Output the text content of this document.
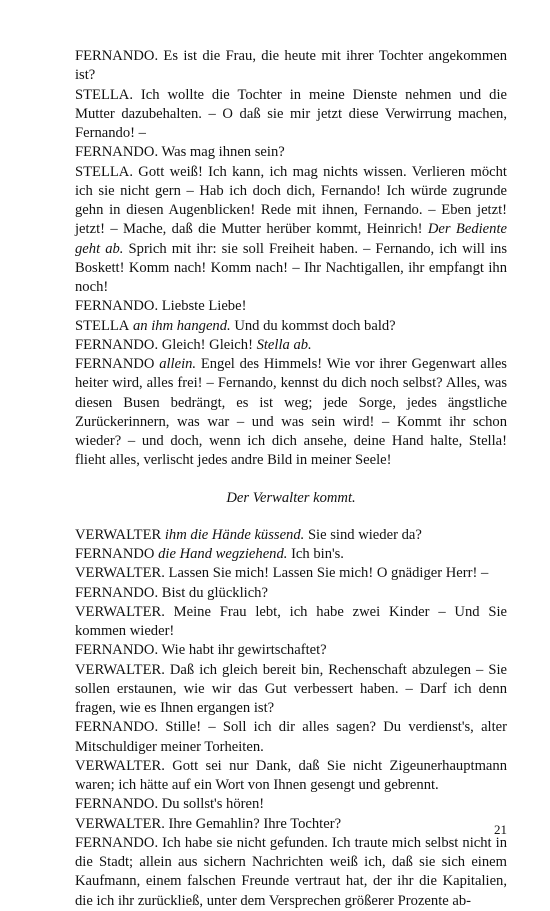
FERNANDO. Es ist die Frau, die heute mit ihrer Tochter angekommen ist?

STELLA. Ich wollte die Tochter in meine Dienste nehmen und die Mutter dazubehalten. – O daß sie mir jetzt diese Verwirrung machen, Fernando! –

FERNANDO. Was mag ihnen sein?

STELLA. Gott weiß! Ich kann, ich mag nichts wissen. Verlieren möcht ich sie nicht gern – Hab ich doch dich, Fernando! Ich würde zugrunde gehn in diesen Augenblicken! Rede mit ihnen, Fernando. – Eben jetzt! jetzt! – Mache, daß die Mutter herüber kommt, Heinrich! Der Bediente geht ab. Sprich mit ihr: sie soll Freiheit haben. – Fernando, ich will ins Boskett! Komm nach! Komm nach! – Ihr Nachtigallen, ihr empfangt ihn noch!

FERNANDO. Liebste Liebe!

STELLA an ihm hangend. Und du kommst doch bald?

FERNANDO. Gleich! Gleich! Stella ab.

FERNANDO allein. Engel des Himmels! Wie vor ihrer Gegenwart alles heiter wird, alles frei! – Fernando, kennst du dich noch selbst? Alles, was diesen Busen bedrängt, es ist weg; jede Sorge, jedes ängstliche Zurückerinnern, was war – und was sein wird! – Kommt ihr schon wieder? – und doch, wenn ich dich ansehe, deine Hand halte, Stella! flieht alles, verlischt jedes andre Bild in meiner Seele!

Der Verwalter kommt.

VERWALTER ihm die Hände küssend. Sie sind wieder da?

FERNANDO die Hand wegziehend. Ich bin's.

VERWALTER. Lassen Sie mich! Lassen Sie mich! O gnädiger Herr! –

FERNANDO. Bist du glücklich?

VERWALTER. Meine Frau lebt, ich habe zwei Kinder – Und Sie kommen wieder!

FERNANDO. Wie habt ihr gewirtschaftet?

VERWALTER. Daß ich gleich bereit bin, Rechenschaft abzulegen – Sie sollen erstaunen, wie wir das Gut verbessert haben. – Darf ich denn fragen, wie es Ihnen ergangen ist?

FERNANDO. Stille! – Soll ich dir alles sagen? Du verdienst's, alter Mitschuldiger meiner Torheiten.

VERWALTER. Gott sei nur Dank, daß Sie nicht Zigeunerhauptmann waren; ich hätte auf ein Wort von Ihnen gesengt und gebrennt.

FERNANDO. Du sollst's hören!

VERWALTER. Ihre Gemahlin? Ihre Tochter?

FERNANDO. Ich habe sie nicht gefunden. Ich traute mich selbst nicht in die Stadt; allein aus sichern Nachrichten weiß ich, daß sie sich einem Kaufmann, einem falschen Freunde vertraut hat, der ihr die Kapitalien, die ich ihr zurückließ, unter dem Versprechen größerer Prozente ab-

21
